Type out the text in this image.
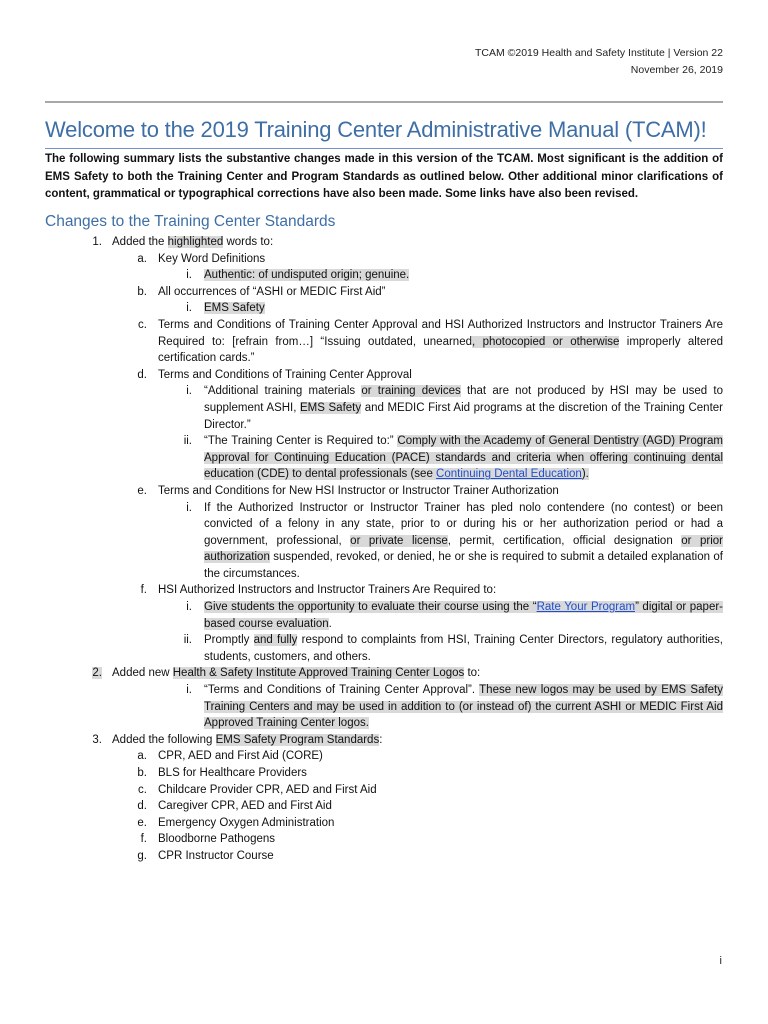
TCAM ©2019 Health and Safety Institute | Version 22
November 26, 2019
Welcome to the 2019 Training Center Administrative Manual (TCAM)!
The following summary lists the substantive changes made in this version of the TCAM. Most significant is the addition of EMS Safety to both the Training Center and Program Standards as outlined below. Other additional minor clarifications of content, grammatical or typographical corrections have also been made. Some links have also been revised.
Changes to the Training Center Standards
1. Added the highlighted words to:
a. Key Word Definitions
i. Authentic: of undisputed origin; genuine.
b. All occurrences of “ASHI or MEDIC First Aid”
i. EMS Safety
c. Terms and Conditions of Training Center Approval and HSI Authorized Instructors and Instructor Trainers Are Required to: [refrain from…] “Issuing outdated, unearned, photocopied or otherwise improperly altered certification cards.”
d. Terms and Conditions of Training Center Approval
i. “Additional training materials or training devices that are not produced by HSI may be used to supplement ASHI, EMS Safety and MEDIC First Aid programs at the discretion of the Training Center Director.”
ii. “The Training Center is Required to:” Comply with the Academy of General Dentistry (AGD) Program Approval for Continuing Education (PACE) standards and criteria when offering continuing dental education (CDE) to dental professionals (see Continuing Dental Education).
e. Terms and Conditions for New HSI Instructor or Instructor Trainer Authorization
i. If the Authorized Instructor or Instructor Trainer has pled nolo contendere (no contest) or been convicted of a felony in any state, prior to or during his or her authorization period or had a government, professional, or private license, permit, certification, official designation or prior authorization suspended, revoked, or denied, he or she is required to submit a detailed explanation of the circumstances.
f. HSI Authorized Instructors and Instructor Trainers Are Required to:
i. Give students the opportunity to evaluate their course using the “Rate Your Program” digital or paper-based course evaluation.
ii. Promptly and fully respond to complaints from HSI, Training Center Directors, regulatory authorities, students, customers, and others.
2. Added new Health & Safety Institute Approved Training Center Logos to:
i. “Terms and Conditions of Training Center Approval”. These new logos may be used by EMS Safety Training Centers and may be used in addition to (or instead of) the current ASHI or MEDIC First Aid Approved Training Center logos.
3. Added the following EMS Safety Program Standards:
a. CPR, AED and First Aid (CORE)
b. BLS for Healthcare Providers
c. Childcare Provider CPR, AED and First Aid
d. Caregiver CPR, AED and First Aid
e. Emergency Oxygen Administration
f. Bloodborne Pathogens
g. CPR Instructor Course
i
